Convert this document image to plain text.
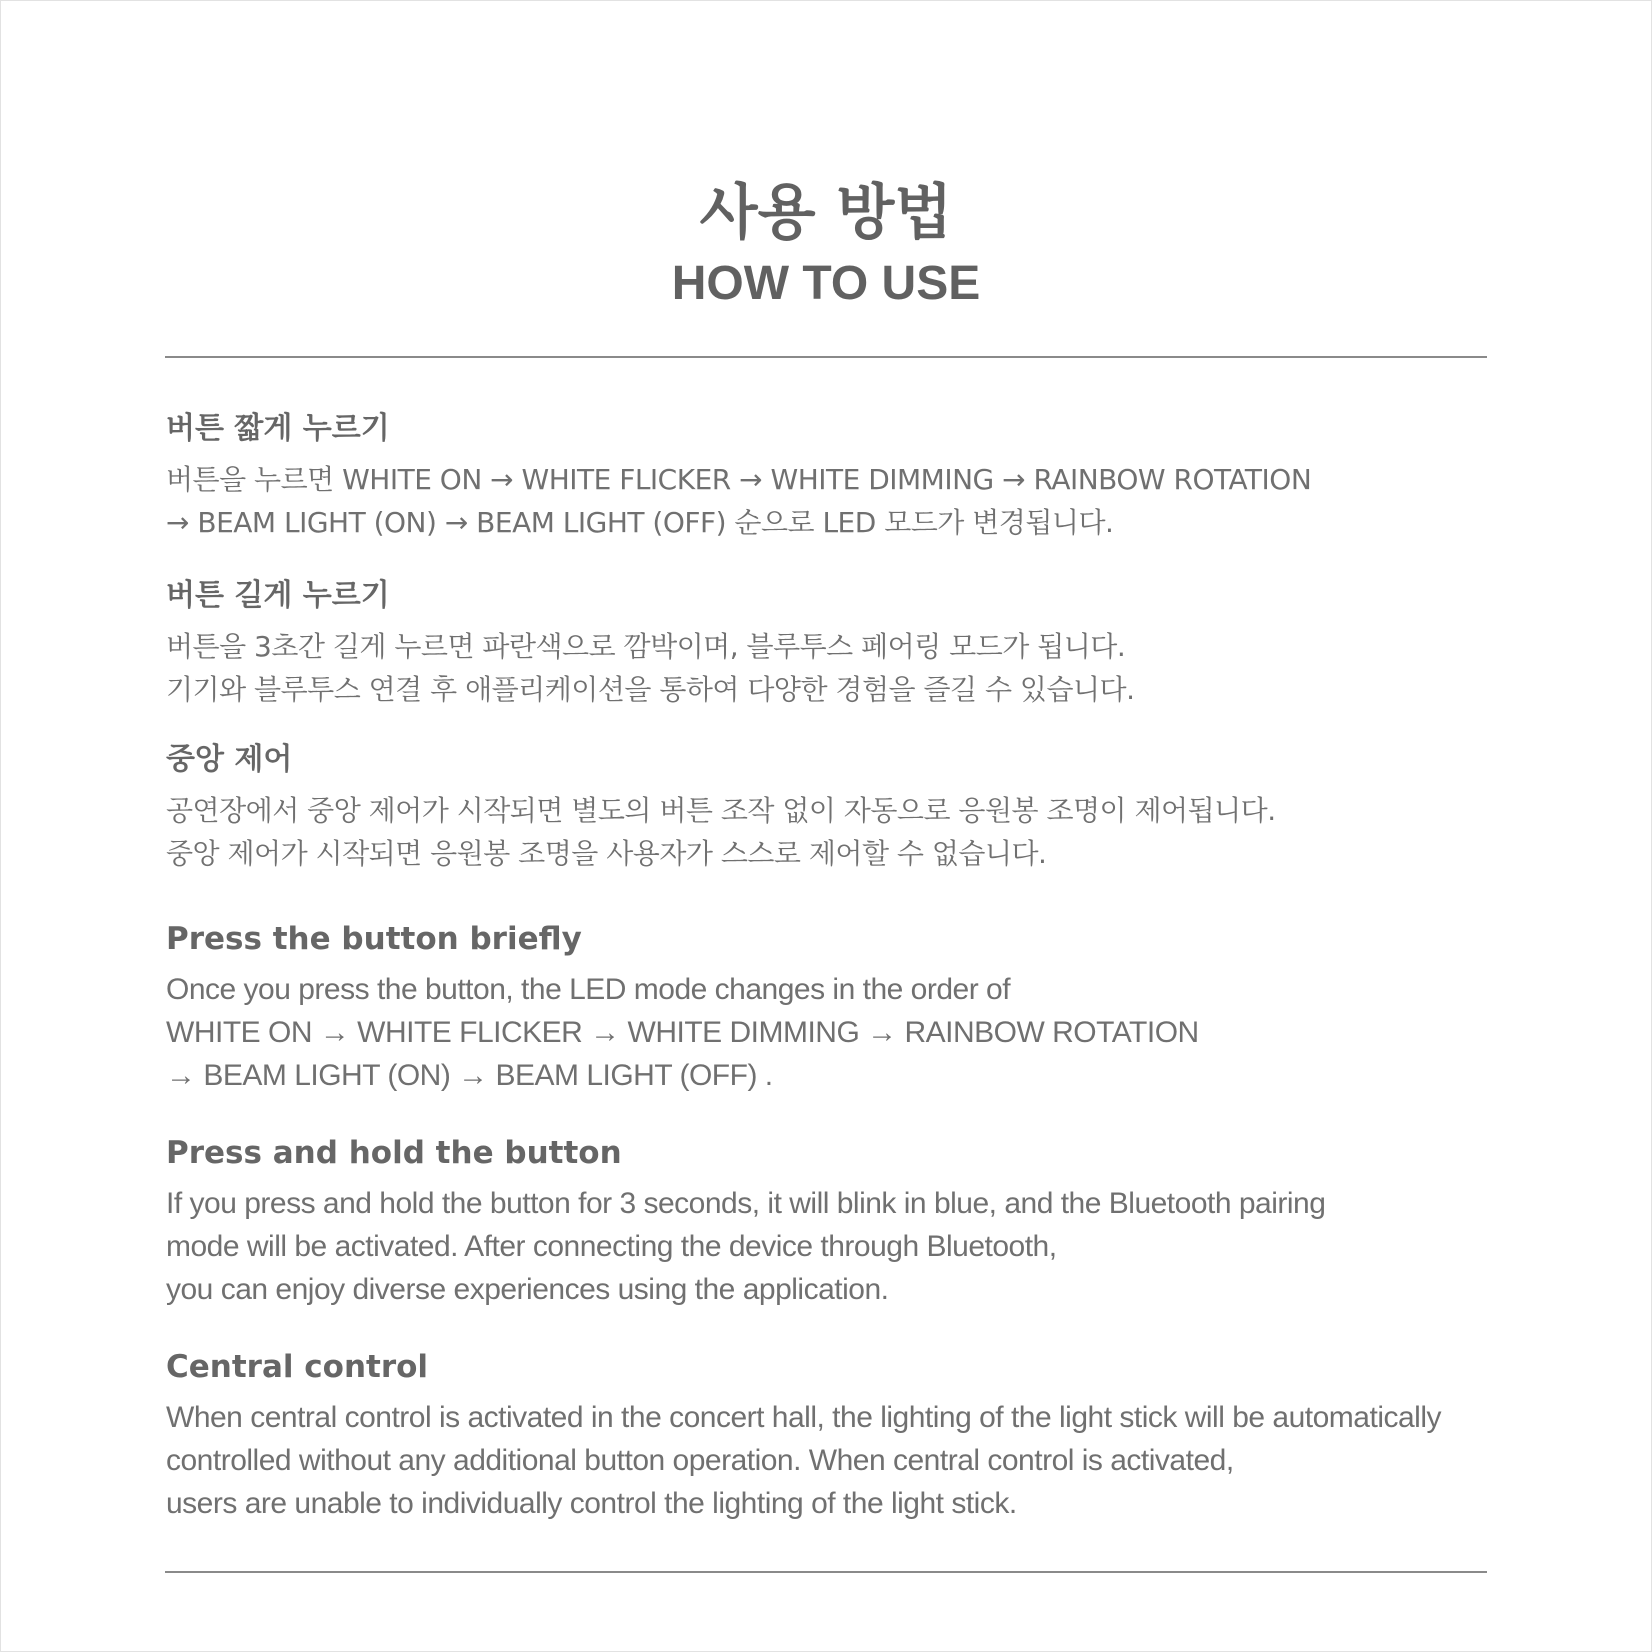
사용 방법
HOW TO USE
버튼 짧게 누르기
버튼을 누르면 WHITE ON → WHITE FLICKER → WHITE DIMMING → RAINBOW ROTATION
→ BEAM LIGHT (ON) → BEAM LIGHT (OFF) 순으로 LED 모드가 변경됩니다.
버튼 길게 누르기
버튼을 3초간 길게 누르면 파란색으로 깜박이며, 블루투스 페어링 모드가 됩니다.
기기와 블루투스 연결 후 애플리케이션을 통하여 다양한 경험을 즐길 수 있습니다.
중앙 제어
공연장에서 중앙 제어가 시작되면 별도의 버튼 조작 없이 자동으로 응원봉 조명이 제어됩니다.
중앙 제어가 시작되면 응원봉 조명을 사용자가 스스로 제어할 수 없습니다.
Press the button briefly
Once you press the button, the LED mode changes in the order of
WHITE ON → WHITE FLICKER → WHITE DIMMING → RAINBOW ROTATION
→ BEAM LIGHT (ON) → BEAM LIGHT (OFF) .
Press and hold the button
If you press and hold the button for 3 seconds, it will blink in blue, and the Bluetooth pairing
mode will be activated. After connecting the device through Bluetooth,
you can enjoy diverse experiences using the application.
Central control
When central control is activated in the concert hall, the lighting of the light stick will be automatically
controlled without any additional button operation. When central control is activated,
users are unable to individually control the lighting of the light stick.
